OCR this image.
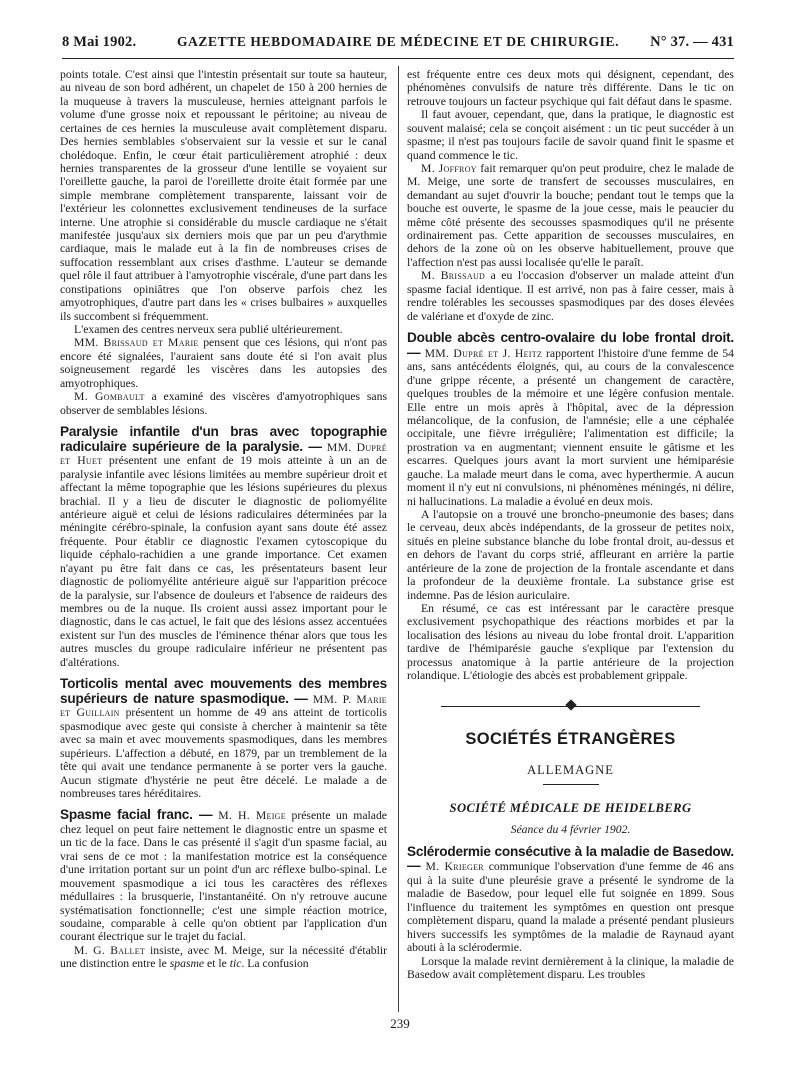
8 Mai 1902.	GAZETTE HEBDOMADAIRE DE MÉDECINE ET DE CHIRURGIE.	N° 37. — 431

points totale. C'est ainsi que l'intestin présentait sur toute sa hauteur, au niveau de son bord adhérent, un chapelet de 150 à 200 hernies de la muqueuse à travers la musculeuse, hernies atteignant parfois le volume d'une grosse noix et repoussant le péritoine; au niveau de certaines de ces hernies la musculeuse avait complètement disparu. Des hernies semblables s'observaient sur la vessie et sur le canal cholédoque. Enfin, le cœur était particulièrement atrophié : deux hernies transparentes de la grosseur d'une lentille se voyaient sur l'oreillette gauche, la paroi de l'oreillette droite était formée par une simple membrane complètement transparente, laissant voir de l'extérieur les colonnettes exclusivement tendineuses de la surface interne. Une atrophie si considérable du muscle cardiaque ne s'était manifestée jusqu'aux six derniers mois que par un peu d'arythmie cardiaque, mais le malade eut à la fin de nombreuses crises de suffocation ressemblant aux crises d'asthme. L'auteur se demande quel rôle il faut attribuer à l'amyotrophie viscérale, d'une part dans les constipations opiniâtres que l'on observe parfois chez les amyotrophiques, d'autre part dans les « crises bulbaires » auxquelles ils succombent si fréquemment.

L'examen des centres nerveux sera publié ultérieurement.

MM. Brissaud et Marie pensent que ces lésions, qui n'ont pas encore été signalées, l'auraient sans doute été si l'on avait plus soigneusement regardé les viscères dans les autopsies des amyotrophiques.

M. Gombault a examiné des viscères d'amyotrophiques sans observer de semblables lésions.

Paralysie infantile d'un bras avec topographie radiculaire supérieure de la paralysie. — MM. Dupré et Huet présentent une enfant de 19 mois atteinte à un an de paralysie infantile avec lésions limitées au membre supérieur droit et affectant la même topographie que les lésions supérieures du plexus brachial. Il y a lieu de discuter le diagnostic de poliomyélite antérieure aiguë et celui de lésions radiculaires déterminées par la méningite cérébro-spinale, la confusion ayant sans doute été assez fréquente. Pour établir ce diagnostic l'examen cytoscopique du liquide céphalo-rachidien a une grande importance. Cet examen n'ayant pu être fait dans ce cas, les présentateurs basent leur diagnostic de poliomyélite antérieure aiguë sur l'apparition précoce de la paralysie, sur l'absence de douleurs et l'absence de raideurs des membres ou de la nuque. Ils croient aussi assez important pour le diagnostic, dans le cas actuel, le fait que des lésions assez accentuées existent sur l'un des muscles de l'éminence thénar alors que tous les autres muscles du groupe radiculaire inférieur ne présentent pas d'altérations.

Torticolis mental avec mouvements des membres supérieurs de nature spasmodique. — MM. P. Marie et Guillain présentent un homme de 49 ans atteint de torticolis spasmodique avec geste qui consiste à chercher à maintenir sa tête avec sa main et avec mouvements spasmodiques, dans les membres supérieurs. L'affection a débuté, en 1879, par un tremblement de la tête qui avait une tendance permanente à se porter vers la gauche. Aucun stigmate d'hystérie ne peut être décelé. Le malade a de nombreuses tares héréditaires.

Spasme facial franc. — M. H. Meige présente un malade chez lequel on peut faire nettement le diagnostic entre un spasme et un tic de la face. Dans le cas présenté il s'agit d'un spasme facial, au vrai sens de ce mot : la manifestation motrice est la conséquence d'une irritation portant sur un point d'un arc réflexe bulbo-spinal. Le mouvement spasmodique a ici tous les caractères des réflexes médullaires : la brusquerie, l'instantanéité. On n'y retrouve aucune systématisation fonctionnelle; c'est une simple réaction motrice, soudaine, comparable à celle qu'on obtient par l'application d'un courant électrique sur le trajet du facial.

M. G. Ballet insiste, avec M. Meige, sur la nécessité d'établir une distinction entre le spasme et le tic. La confusion

est fréquente entre ces deux mots qui désignent, cependant, des phénomènes convulsifs de nature très différente. Dans le tic on retrouve toujours un facteur psychique qui fait défaut dans le spasme.

Il faut avouer, cependant, que, dans la pratique, le diagnostic est souvent malaisé; cela se conçoit aisément : un tic peut succéder à un spasme; il n'est pas toujours facile de savoir quand finit le spasme et quand commence le tic.

M. Joffroy fait remarquer qu'on peut produire, chez le malade de M. Meige, une sorte de transfert de secousses musculaires, en demandant au sujet d'ouvrir la bouche; pendant tout le temps que la bouche est ouverte, le spasme de la joue cesse, mais le peaucier du même côté présente des secousses spasmodiques qu'il ne présente ordinairement pas. Cette apparition de secousses musculaires, en dehors de la zone où on les observe habituellement, prouve que l'affection n'est pas aussi localisée qu'elle le paraît.

M. Brissaud a eu l'occasion d'observer un malade atteint d'un spasme facial identique. Il est arrivé, non pas à faire cesser, mais à rendre tolérables les secousses spasmodiques par des doses élevées de valériane et d'oxyde de zinc.

Double abcès centro-ovalaire du lobe frontal droit. — MM. Dupré et J. Heitz rapportent l'histoire d'une femme de 54 ans, sans antécédents éloignés, qui, au cours de la convalescence d'une grippe récente, a présenté un changement de caractère, quelques troubles de la mémoire et une légère confusion mentale. Elle entre un mois après à l'hôpital, avec de la dépression mélancolique, de la confusion, de l'amnésie; elle a une céphalée occipitale, une fièvre irrégulière; l'alimentation est difficile; la prostration va en augmentant; viennent ensuite le gâtisme et les escarres. Quelques jours avant la mort survient une hémiparésie gauche. La malade meurt dans le coma, avec hyperthermie. A aucun moment il n'y eut ni convulsions, ni phénomènes méningés, ni délire, ni hallucinations. La maladie a évolué en deux mois.

A l'autopsie on a trouvé une broncho-pneumonie des bases; dans le cerveau, deux abcès indépendants, de la grosseur de petites noix, situés en pleine substance blanche du lobe frontal droit, au-dessus et en dehors de l'avant du corps strié, affleurant en arrière la partie antérieure de la zone de projection de la frontale ascendante et dans la profondeur de la deuxième frontale. La substance grise est indemne. Pas de lésion auriculaire.

En résumé, ce cas est intéressant par le caractère presque exclusivement psychopathique des réactions morbides et par la localisation des lésions au niveau du lobe frontal droit. L'apparition tardive de l'hémiparésie gauche s'explique par l'extension du processus anatomique à la partie antérieure de la projection rolandique. L'étiologie des abcès est probablement grippale.

SOCIÉTÉS ÉTRANGÈRES
ALLEMAGNE
SOCIÉTÉ MÉDICALE DE HEIDELBERG
Séance du 4 février 1902.

Sclérodermie consécutive à la maladie de Basedow. — M. Krieger communique l'observation d'une femme de 46 ans qui à la suite d'une pleurésie grave a présenté le syndrome de la maladie de Basedow, pour lequel elle fut soignée en 1899. Sous l'influence du traitement les symptômes en question ont presque complètement disparu, quand la malade a présenté pendant plusieurs hivers successifs les symptômes de la maladie de Raynaud ayant abouti à la sclérodermie.

Lorsque la malade revint dernièrement à la clinique, la maladie de Basedow avait complètement disparu. Les troubles

239
